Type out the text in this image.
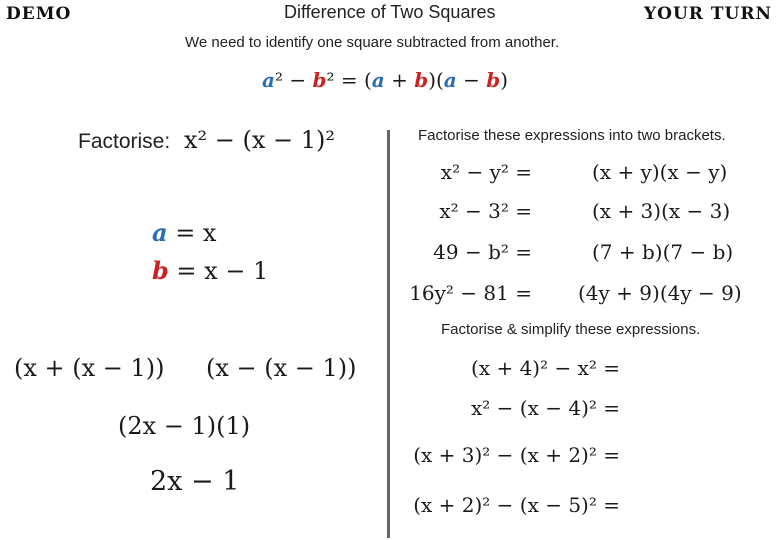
DEMO	Difference of Two Squares	YOUR TURN
We need to identify one square subtracted from another.
a² − b² = (a + b)(a − b)
Factorise: x² − (x − 1)²
a = x
b = x − 1
(x + (x − 1)) (x − (x − 1))
(2x − 1)(1)
2x − 1
Factorise these expressions into two brackets.
x² − y² =	(x + y)(x − y)
x² − 3² =	(x + 3)(x − 3)
49 − b² =	(7 + b)(7 − b)
16y² − 81 = (4y + 9)(4y − 9)
Factorise & simplify these expressions.
(x + 4)² − x² =
x² − (x − 4)² =
(x + 3)² − (x + 2)² =
(x + 2)² − (x − 5)² =
